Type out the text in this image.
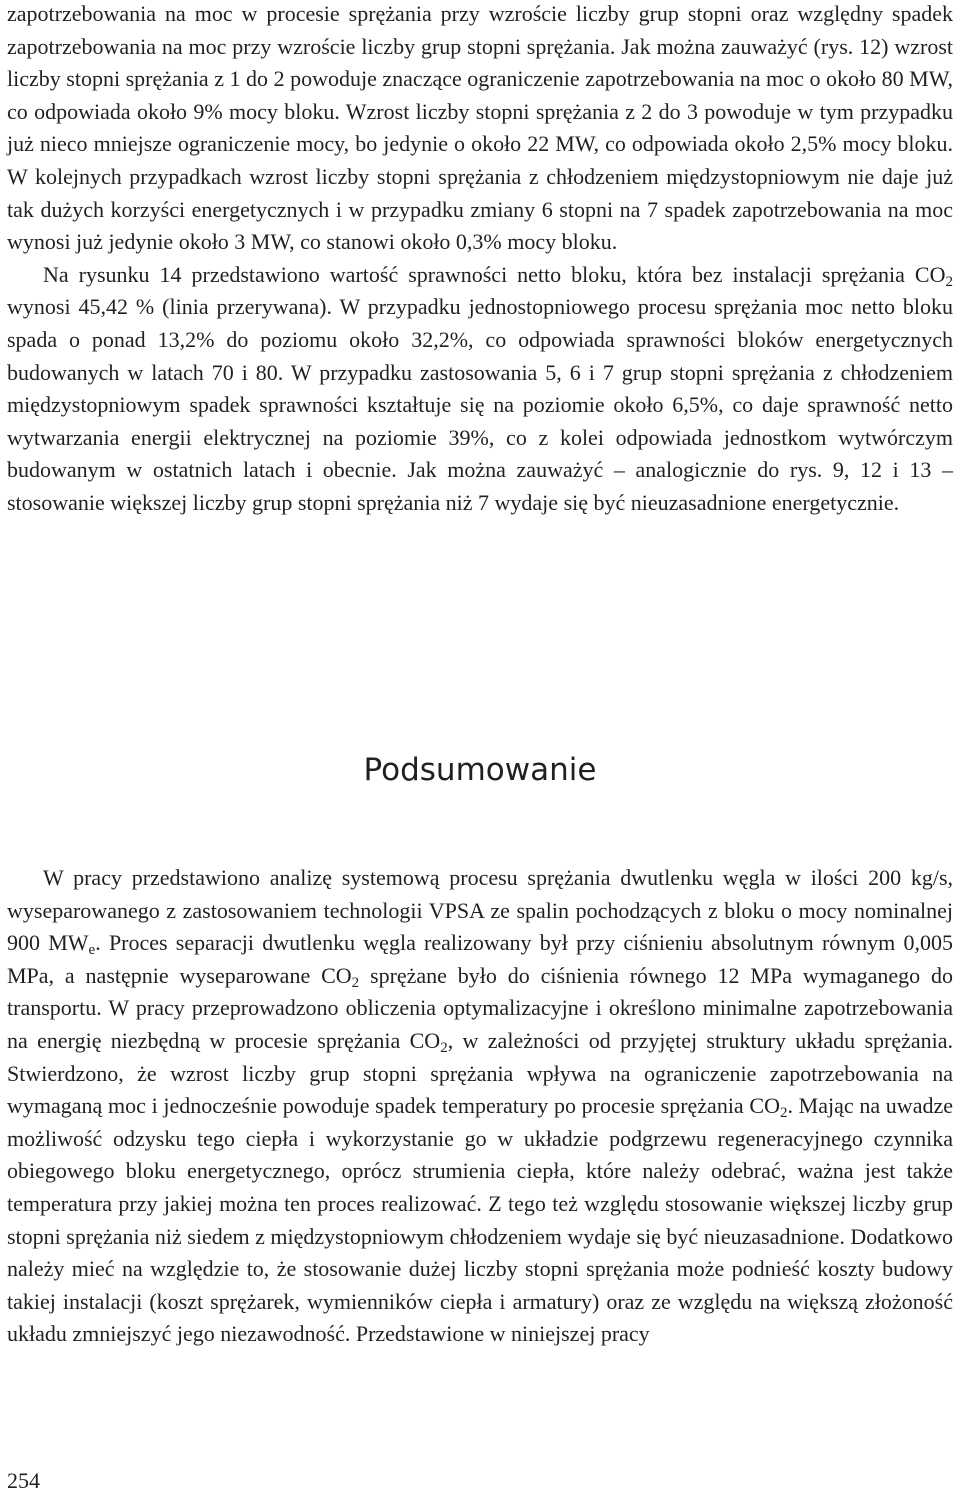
zapotrzebowania na moc w procesie sprężania przy wzroście liczby grup stopni oraz względny spadek zapotrzebowania na moc przy wzroście liczby grup stopni sprężania. Jak można zauważyć (rys. 12) wzrost liczby stopni sprężania z 1 do 2 powoduje znaczące ograniczenie zapotrzebowania na moc o około 80 MW, co odpowiada około 9% mocy bloku. Wzrost liczby stopni sprężania z 2 do 3 powoduje w tym przypadku już nieco mniejsze ograniczenie mocy, bo jedynie o około 22 MW, co odpowiada około 2,5% mocy bloku. W kolejnych przypadkach wzrost liczby stopni sprężania z chłodzeniem międzystopniowym nie daje już tak dużych korzyści energetycznych i w przypadku zmiany 6 stopni na 7 spadek zapotrzebowania na moc wynosi już jedynie około 3 MW, co stanowi około 0,3% mocy bloku.

Na rysunku 14 przedstawiono wartość sprawności netto bloku, która bez instalacji sprężania $CO_2$ wynosi 45,42 % (linia przerywana). W przypadku jednostopniowego procesu sprężania moc netto bloku spada o ponad 13,2% do poziomu około 32,2%, co odpowiada sprawności bloków energetycznych budowanych w latach 70 i 80. W przypadku zastosowania 5, 6 i 7 grup stopni sprężania z chłodzeniem międzystopniowym spadek sprawności kształtuje się na poziomie około 6,5%, co daje sprawność netto wytwarzania energii elektrycznej na poziomie 39%, co z kolei odpowiada jednostkom wytwórczym budowanym w ostatnich latach i obecnie. Jak można zauważyć – analogicznie do rys. 9, 12 i 13 – stosowanie większej liczby grup stopni sprężania niż 7 wydaje się być nieuzasadnione energetycznie.

Podsumowanie

W pracy przedstawiono analizę systemową procesu sprężania dwutlenku węgla w ilości 200 kg/s, wyseparowanego z zastosowaniem technologii VPSA ze spalin pochodzących z bloku o mocy nominalnej 900 $MW_e$. Proces separacji dwutlenku węgla realizowany był przy ciśnieniu absolutnym równym 0,005 MPa, a następnie wyseparowane $CO_2$ sprężane było do ciśnienia równego 12 MPa wymaganego do transportu. W pracy przeprowadzono obliczenia optymalizacyjne i określono minimalne zapotrzebowania na energię niezbędną w procesie sprężania $CO_2$, w zależności od przyjętej struktury układu sprężania. Stwierdzono, że wzrost liczby grup stopni sprężania wpływa na ograniczenie zapotrzebowania na wymaganą moc i jednocześnie powoduje spadek temperatury po procesie sprężania $CO_2$. Mając na uwadze możliwość odzysku tego ciepła i wykorzystanie go w układzie podgrzewu regeneracyjnego czynnika obiegowego bloku energetycznego, oprócz strumienia ciepła, które należy odebrać, ważna jest także temperatura przy jakiej można ten proces realizować. Z tego też względu stosowanie większej liczby grup stopni sprężania niż siedem z międzystopniowym chłodzeniem wydaje się być nieuzasadnione. Dodatkowo należy mieć na względzie to, że stosowanie dużej liczby stopni sprężania może podnieść koszty budowy takiej instalacji (koszt sprężarek, wymienników ciepła i armatury) oraz ze względu na większą złożoność układu zmniejszyć jego niezawodność. Przedstawione w niniejszej pracy

254
